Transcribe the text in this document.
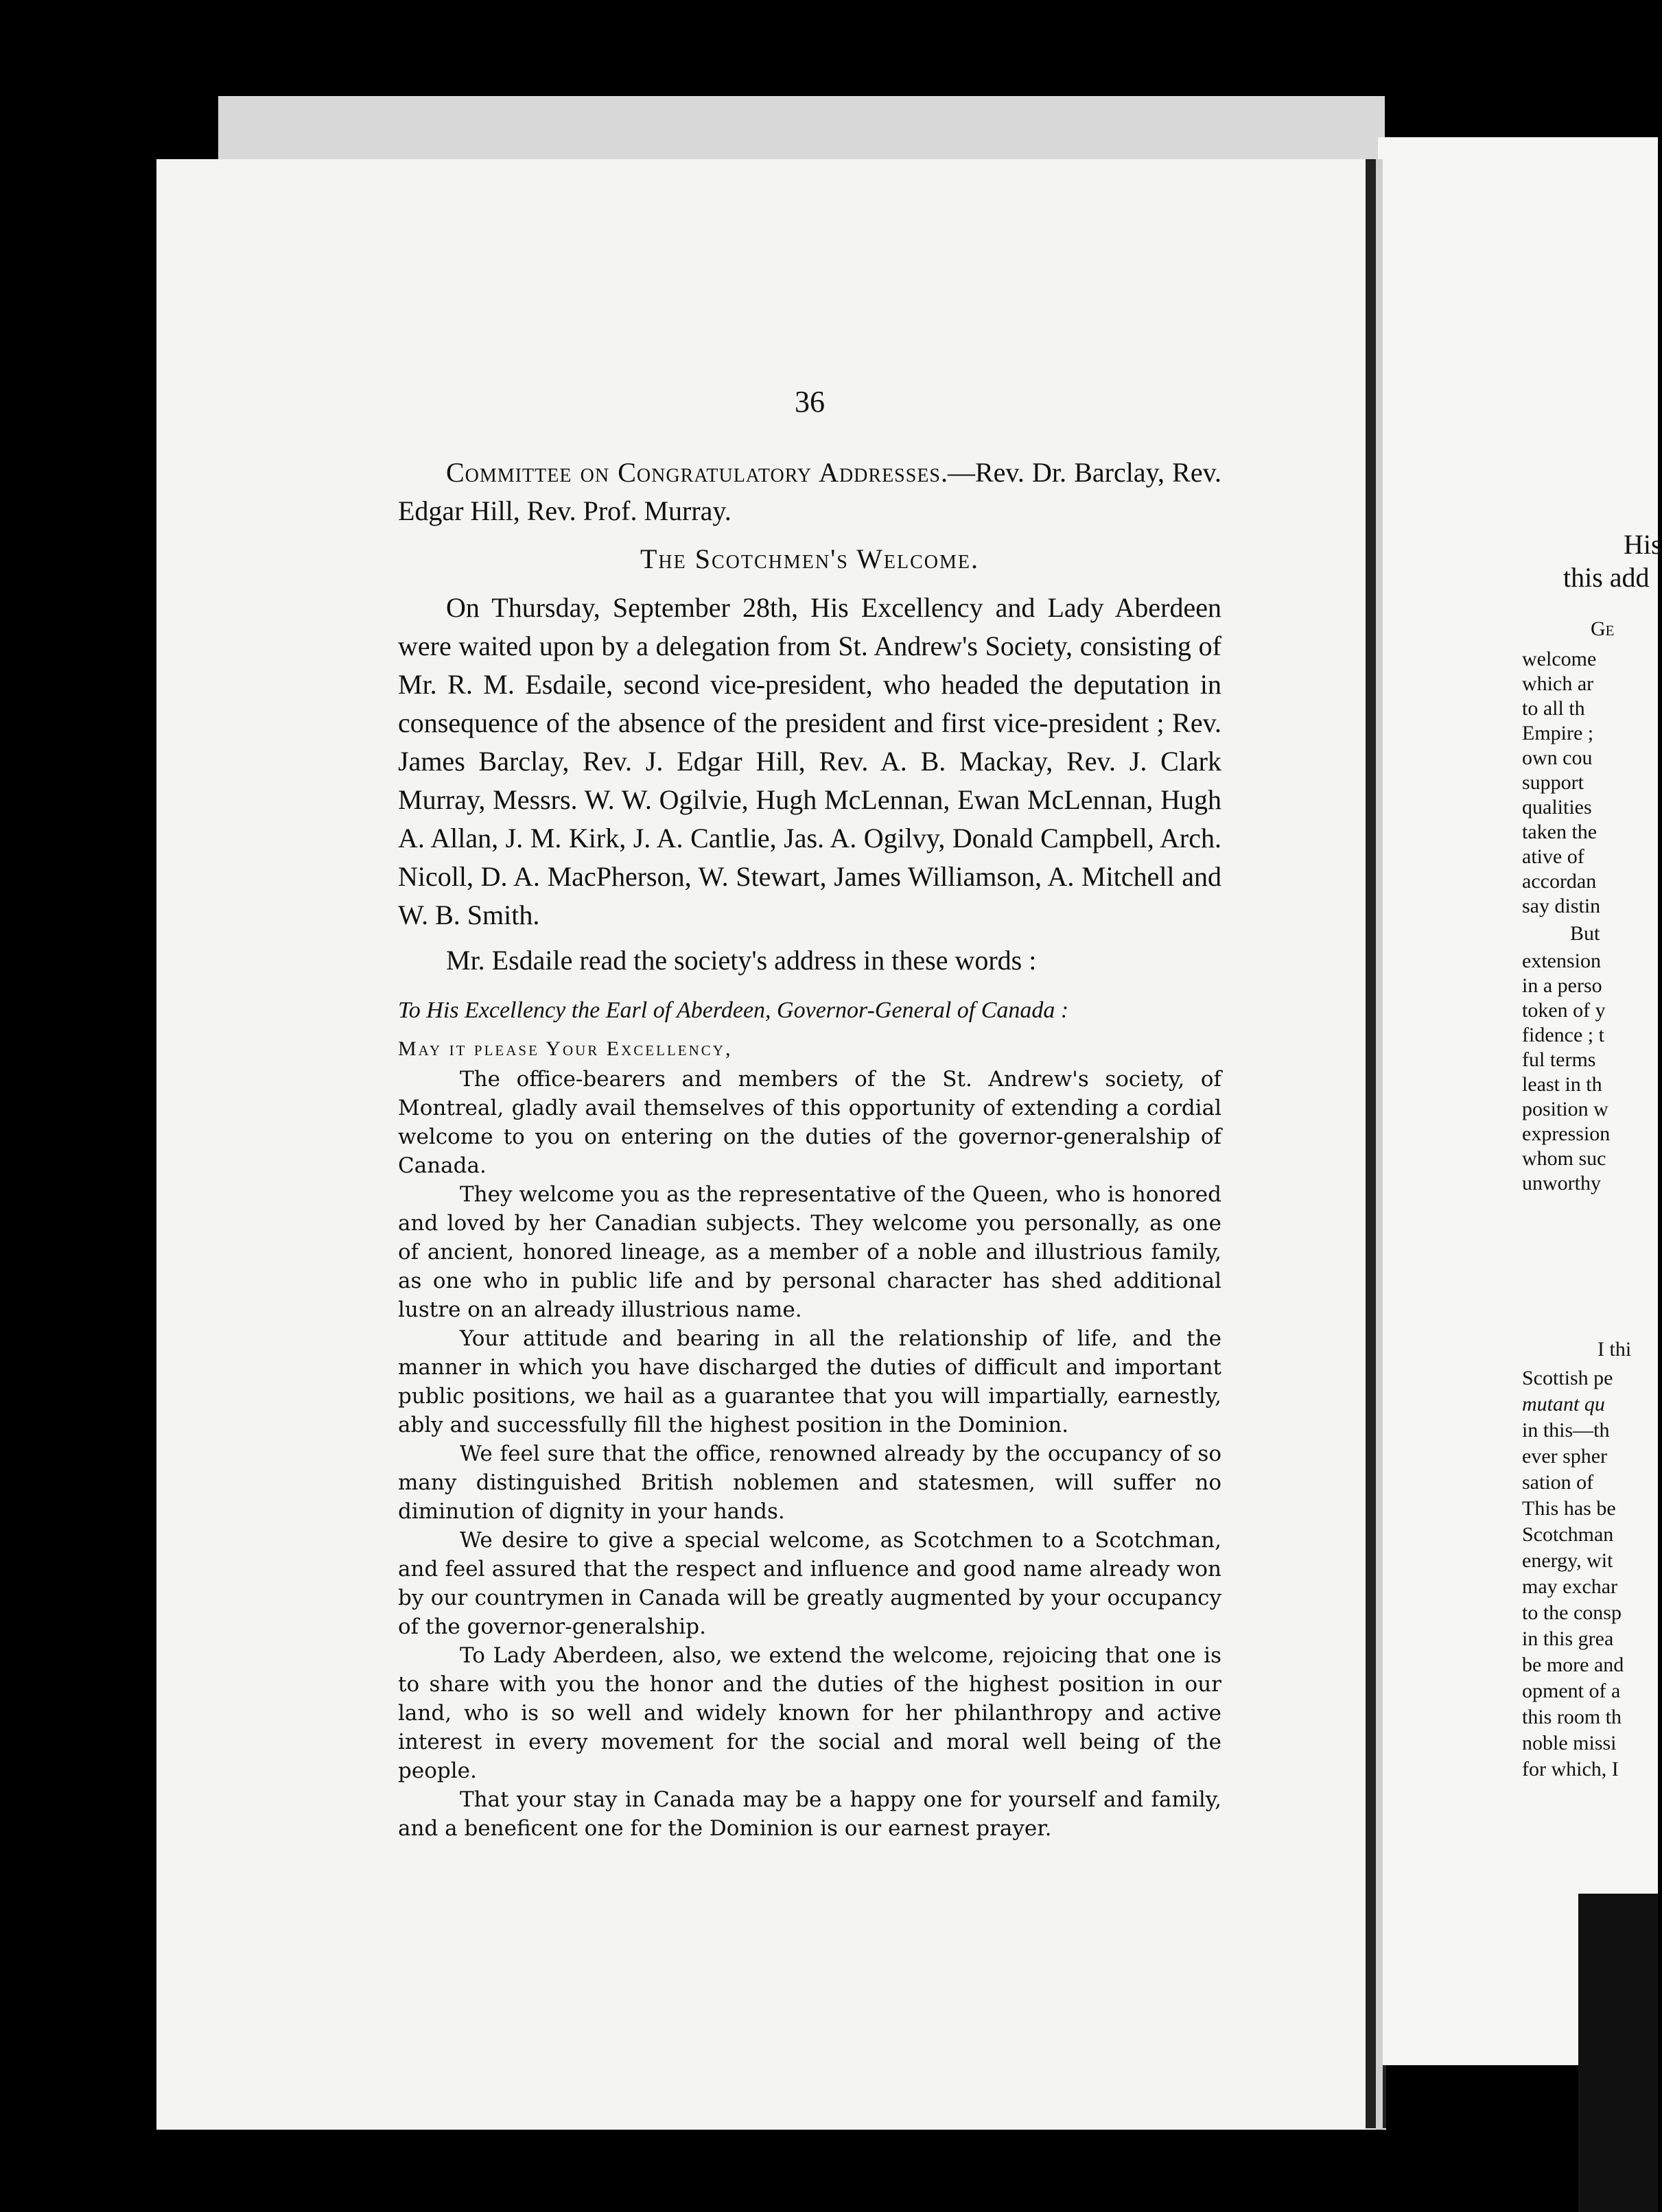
36

Committee on Congratulatory Addresses.—Rev. Dr. Barclay, Rev. Edgar Hill, Rev. Prof. Murray.

The Scotchmen's Welcome.

On Thursday, September 28th, His Excellency and Lady Aberdeen were waited upon by a delegation from St. Andrew's Society, consisting of Mr. R. M. Esdaile, second vice-president, who headed the deputation in consequence of the absence of the president and first vice-president ; Rev. James Barclay, Rev. J. Edgar Hill, Rev. A. B. Mackay, Rev. J. Clark Murray, Messrs. W. W. Ogilvie, Hugh McLennan, Ewan McLennan, Hugh A. Allan, J. M. Kirk, J. A. Cantlie, Jas. A. Ogilvy, Donald Campbell, Arch. Nicoll, D. A. MacPherson, W. Stewart, James Williamson, A. Mitchell and W. B. Smith.

Mr. Esdaile read the society's address in these words :

To His Excellency the Earl of Aberdeen, Governor-General of Canada :
May it please Your Excellency,

The office-bearers and members of the St. Andrew's society, of Montreal, gladly avail themselves of this opportunity of extending a cordial welcome to you on entering on the duties of the governor-generalship of Canada.

They welcome you as the representative of the Queen, who is honored and loved by her Canadian subjects. They welcome you personally, as one of ancient, honored lineage, as a member of a noble and illustrious family, as one who in public life and by personal character has shed additional lustre on an already illustrious name.

Your attitude and bearing in all the relationship of life, and the manner in which you have discharged the duties of difficult and important public positions, we hail as a guarantee that you will impartially, earnestly, ably and successfully fill the highest position in the Dominion.

We feel sure that the office, renowned already by the occupancy of so many distinguished British noblemen and statesmen, will suffer no diminution of dignity in your hands.

We desire to give a special welcome, as Scotchmen to a Scotchman, and feel assured that the respect and influence and good name already won by our countrymen in Canada will be greatly augmented by your occupancy of the governor-generalship.

To Lady Aberdeen, also, we extend the welcome, rejoicing that one is to share with you the honor and the duties of the highest position in our land, who is so well and widely known for her philanthropy and active interest in every movement for the social and moral well being of the people.

That your stay in Canada may be a happy one for yourself and family, and a beneficent one for the Dominion is our earnest prayer.

His
this add
Ge
welcome
which ar
to all th
Empire ;
own cou
support
qualities
taken the
ative of
accordan
say distin
But
extension
in a perso
token of y
fidence ; t
ful terms
least in th
position w
expression
whom suc
unworthy
I thi
Scottish pe
mutant qu
in this—th
ever spher
sation of
This has be
Scotchman
energy, wit
may exchar
to the consp
in this grea
be more and
opment of a
this room th
noble missi
for which, I
